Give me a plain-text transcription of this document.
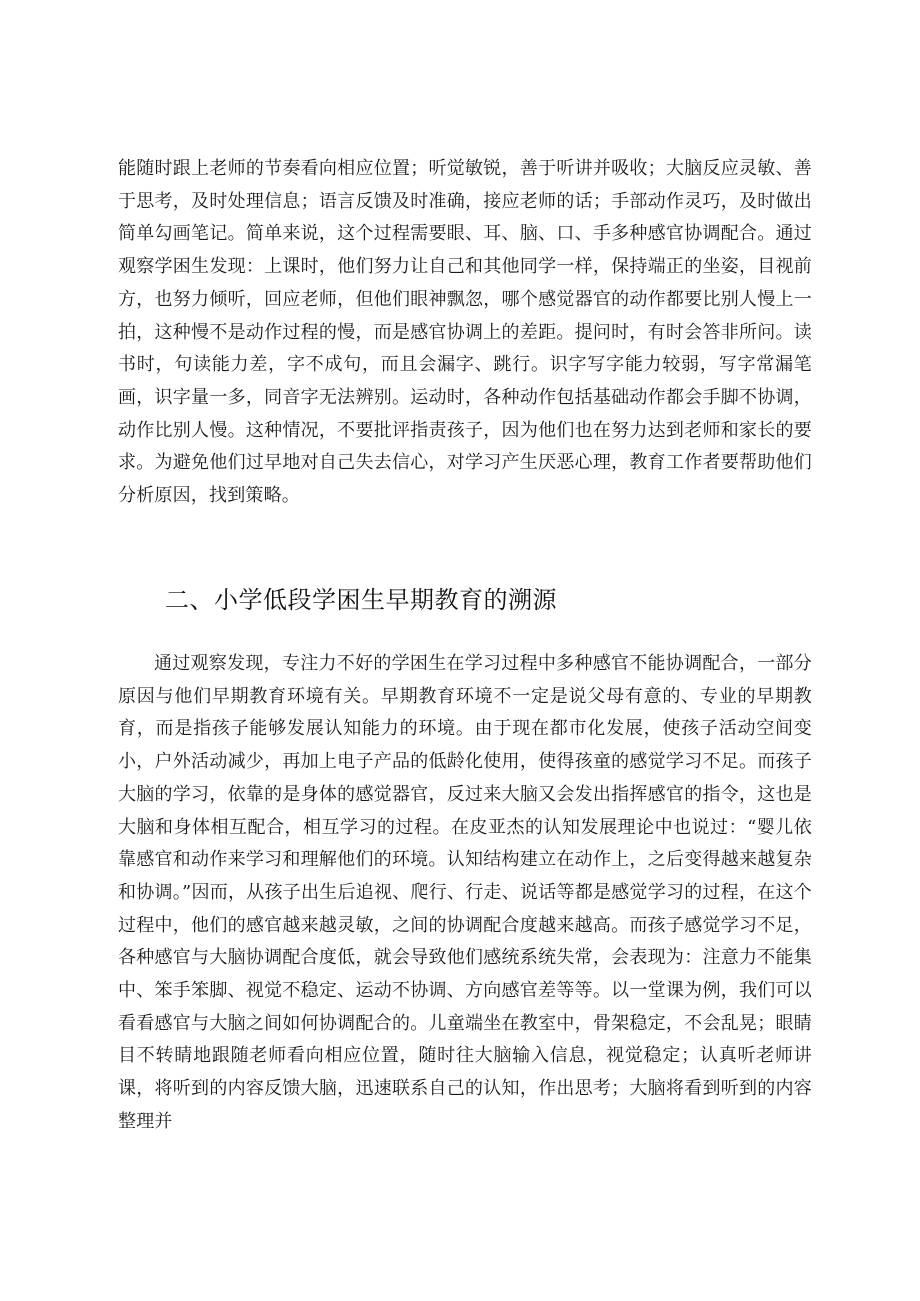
能随时跟上老师的节奏看向相应位置；听觉敏锐，善于听讲并吸收；大脑反应灵敏、善于思考，及时处理信息；语言反馈及时准确，接应老师的话；手部动作灵巧，及时做出简单勾画笔记。简单来说，这个过程需要眼、耳、脑、口、手多种感官协调配合。通过观察学困生发现：上课时，他们努力让自己和其他同学一样，保持端正的坐姿，目视前方，也努力倾听，回应老师，但他们眼神飘忽，哪个感觉器官的动作都要比别人慢上一拍，这种慢不是动作过程的慢，而是感官协调上的差距。提问时，有时会答非所问。读书时，句读能力差，字不成句，而且会漏字、跳行。识字写字能力较弱，写字常漏笔画，识字量一多，同音字无法辨别。运动时，各种动作包括基础动作都会手脚不协调，动作比别人慢。这种情况，不要批评指责孩子，因为他们也在努力达到老师和家长的要求。为避免他们过早地对自己失去信心，对学习产生厌恶心理，教育工作者要帮助他们分析原因，找到策略。

二、小学低段学困生早期教育的溯源

通过观察发现，专注力不好的学困生在学习过程中多种感官不能协调配合，一部分原因与他们早期教育环境有关。早期教育环境不一定是说父母有意的、专业的早期教育，而是指孩子能够发展认知能力的环境。由于现在都市化发展，使孩子活动空间变小，户外活动减少，再加上电子产品的低龄化使用，使得孩童的感觉学习不足。而孩子大脑的学习，依靠的是身体的感觉器官，反过来大脑又会发出指挥感官的指令，这也是大脑和身体相互配合，相互学习的过程。在皮亚杰的认知发展理论中也说过：“婴儿依靠感官和动作来学习和理解他们的环境。认知结构建立在动作上，之后变得越来越复杂和协调。”因而，从孩子出生后追视、爬行、行走、说话等都是感觉学习的过程，在这个过程中，他们的感官越来越灵敏，之间的协调配合度越来越高。而孩子感觉学习不足，各种感官与大脑协调配合度低，就会导致他们感统系统失常，会表现为：注意力不能集中、笨手笨脚、视觉不稳定、运动不协调、方向感官差等等。以一堂课为例，我们可以看看感官与大脑之间如何协调配合的。儿童端坐在教室中，骨架稳定，不会乱晃；眼睛目不转睛地跟随老师看向相应位置，随时往大脑输入信息，视觉稳定；认真听老师讲课，将听到的内容反馈大脑，迅速联系自己的认知，作出思考；大脑将看到听到的内容整理并
